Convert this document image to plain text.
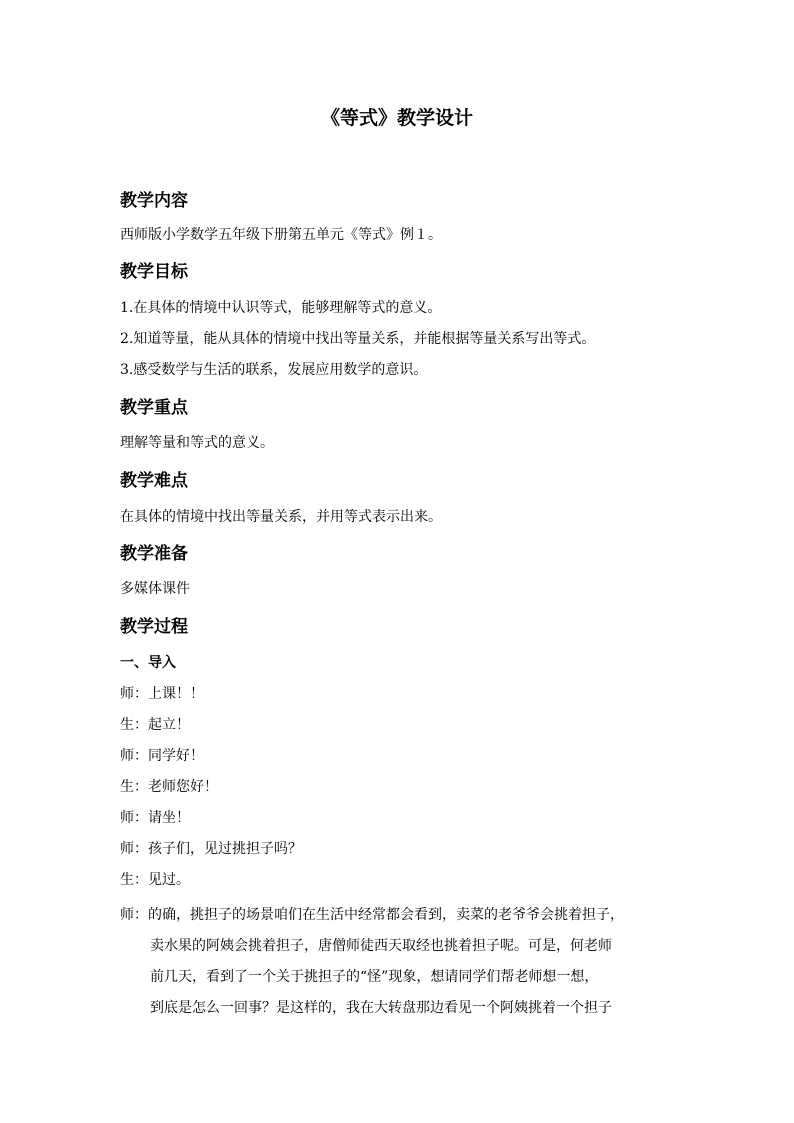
《等式》教学设计
教学内容

西师版小学数学五年级下册第五单元《等式》例１。

教学目标

1.在具体的情境中认识等式，能够理解等式的意义。

2.知道等量，能从具体的情境中找出等量关系，并能根据等量关系写出等式。

3.感受数学与生活的联系，发展应用数学的意识。

教学重点

理解等量和等式的意义。

教学难点

在具体的情境中找出等量关系，并用等式表示出来。

教学准备

多媒体课件

教学过程
一、导入

师：上课！！

生：起立！

师：同学好！

生：老师您好！

师：请坐！

师：孩子们，见过挑担子吗？

生：见过。

师：的确，挑担子的场景咱们在生活中经常都会看到，卖菜的老爷爷会挑着担子，
卖水果的阿姨会挑着担子，唐僧师徒西天取经也挑着担子呢。可是，何老师
前几天，看到了一个关于挑担子的“怪”现象，想请同学们帮老师想一想，
到底是怎么一回事？是这样的，我在大转盘那边看见一个阿姨挑着一个担子
